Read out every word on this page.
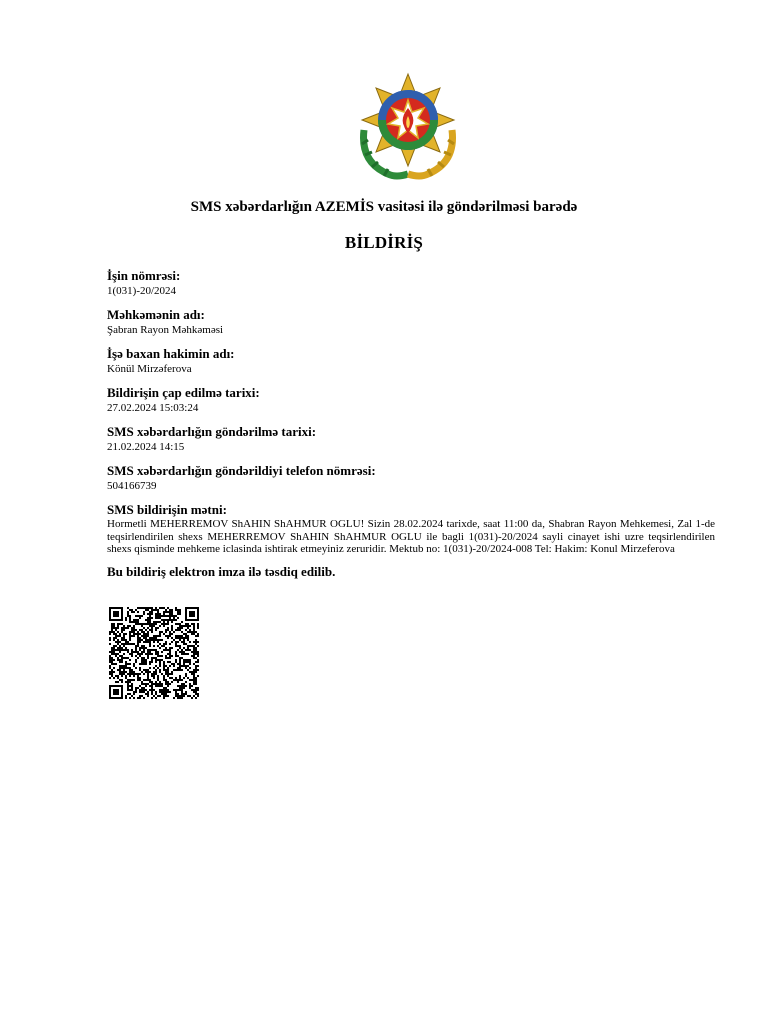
SMS xəbərdarlığın AZEMİS vasitəsi ilə göndərilməsi barədə
BİLDİRİŞ
İşin nömrəsi:
1(031)-20/2024
Məhkəmənin adı:
Şabran Rayon Məhkəməsi
İşə baxan hakimin adı:
Könül Mirzəferova
Bildirişin çap edilmə tarixi:
27.02.2024 15:03:24
SMS xəbərdarlığın göndərilmə tarixi:
21.02.2024 14:15
SMS xəbərdarlığın göndərildiyi telefon nömrəsi:
504166739
SMS bildirişin mətni:
Hormetli MEHERREMOV ShAHIN ShAHMUR OGLU! Sizin 28.02.2024 tarixde, saat 11:00 da, Shabran Rayon Mehkemesi, Zal 1-de teqsirlendirilen shexs MEHERREMOV ShAHIN ShAHMUR OGLU ile bagli 1(031)-20/2024 sayli cinayet ishi uzre teqsirlendirilen shexs qisminde mehkeme iclasinda ishtirak etmeyiniz zeruridir. Mektub no: 1(031)-20/2024-008 Tel: Hakim: Konul Mirzeferova
Bu bildiriş elektron imza ilə təsdiq edilib.
